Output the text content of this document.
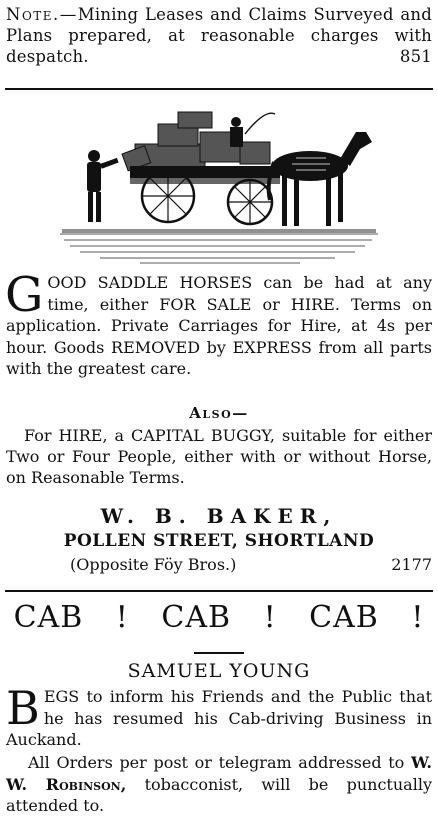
Note.—Mining Leases and Claims Surveyed and Plans prepared, at reasonable charges with despatch.	851

GOOD SADDLE HORSES can be had at any time, either FOR SALE or HIRE. Terms on application. Private Carriages for Hire, at 4s per hour. Goods REMOVED by EXPRESS from all parts with the greatest care.

Also—

For HIRE, a CAPITAL BUGGY, suitable for either Two or Four People, either with or without Horse, on Reasonable Terms.

W. B. BAKER,

POLLEN STREET, SHORTLAND

(Opposite Föy Bros.)	2177

CAB ! CAB ! CAB !

SAMUEL YOUNG

BEGS to inform his Friends and the Public that he has resumed his Cab-driving Business in Auckand.

All Orders per post or telegram addressed to W. W. Robinson, tobacconist, will be punctually attended to.
